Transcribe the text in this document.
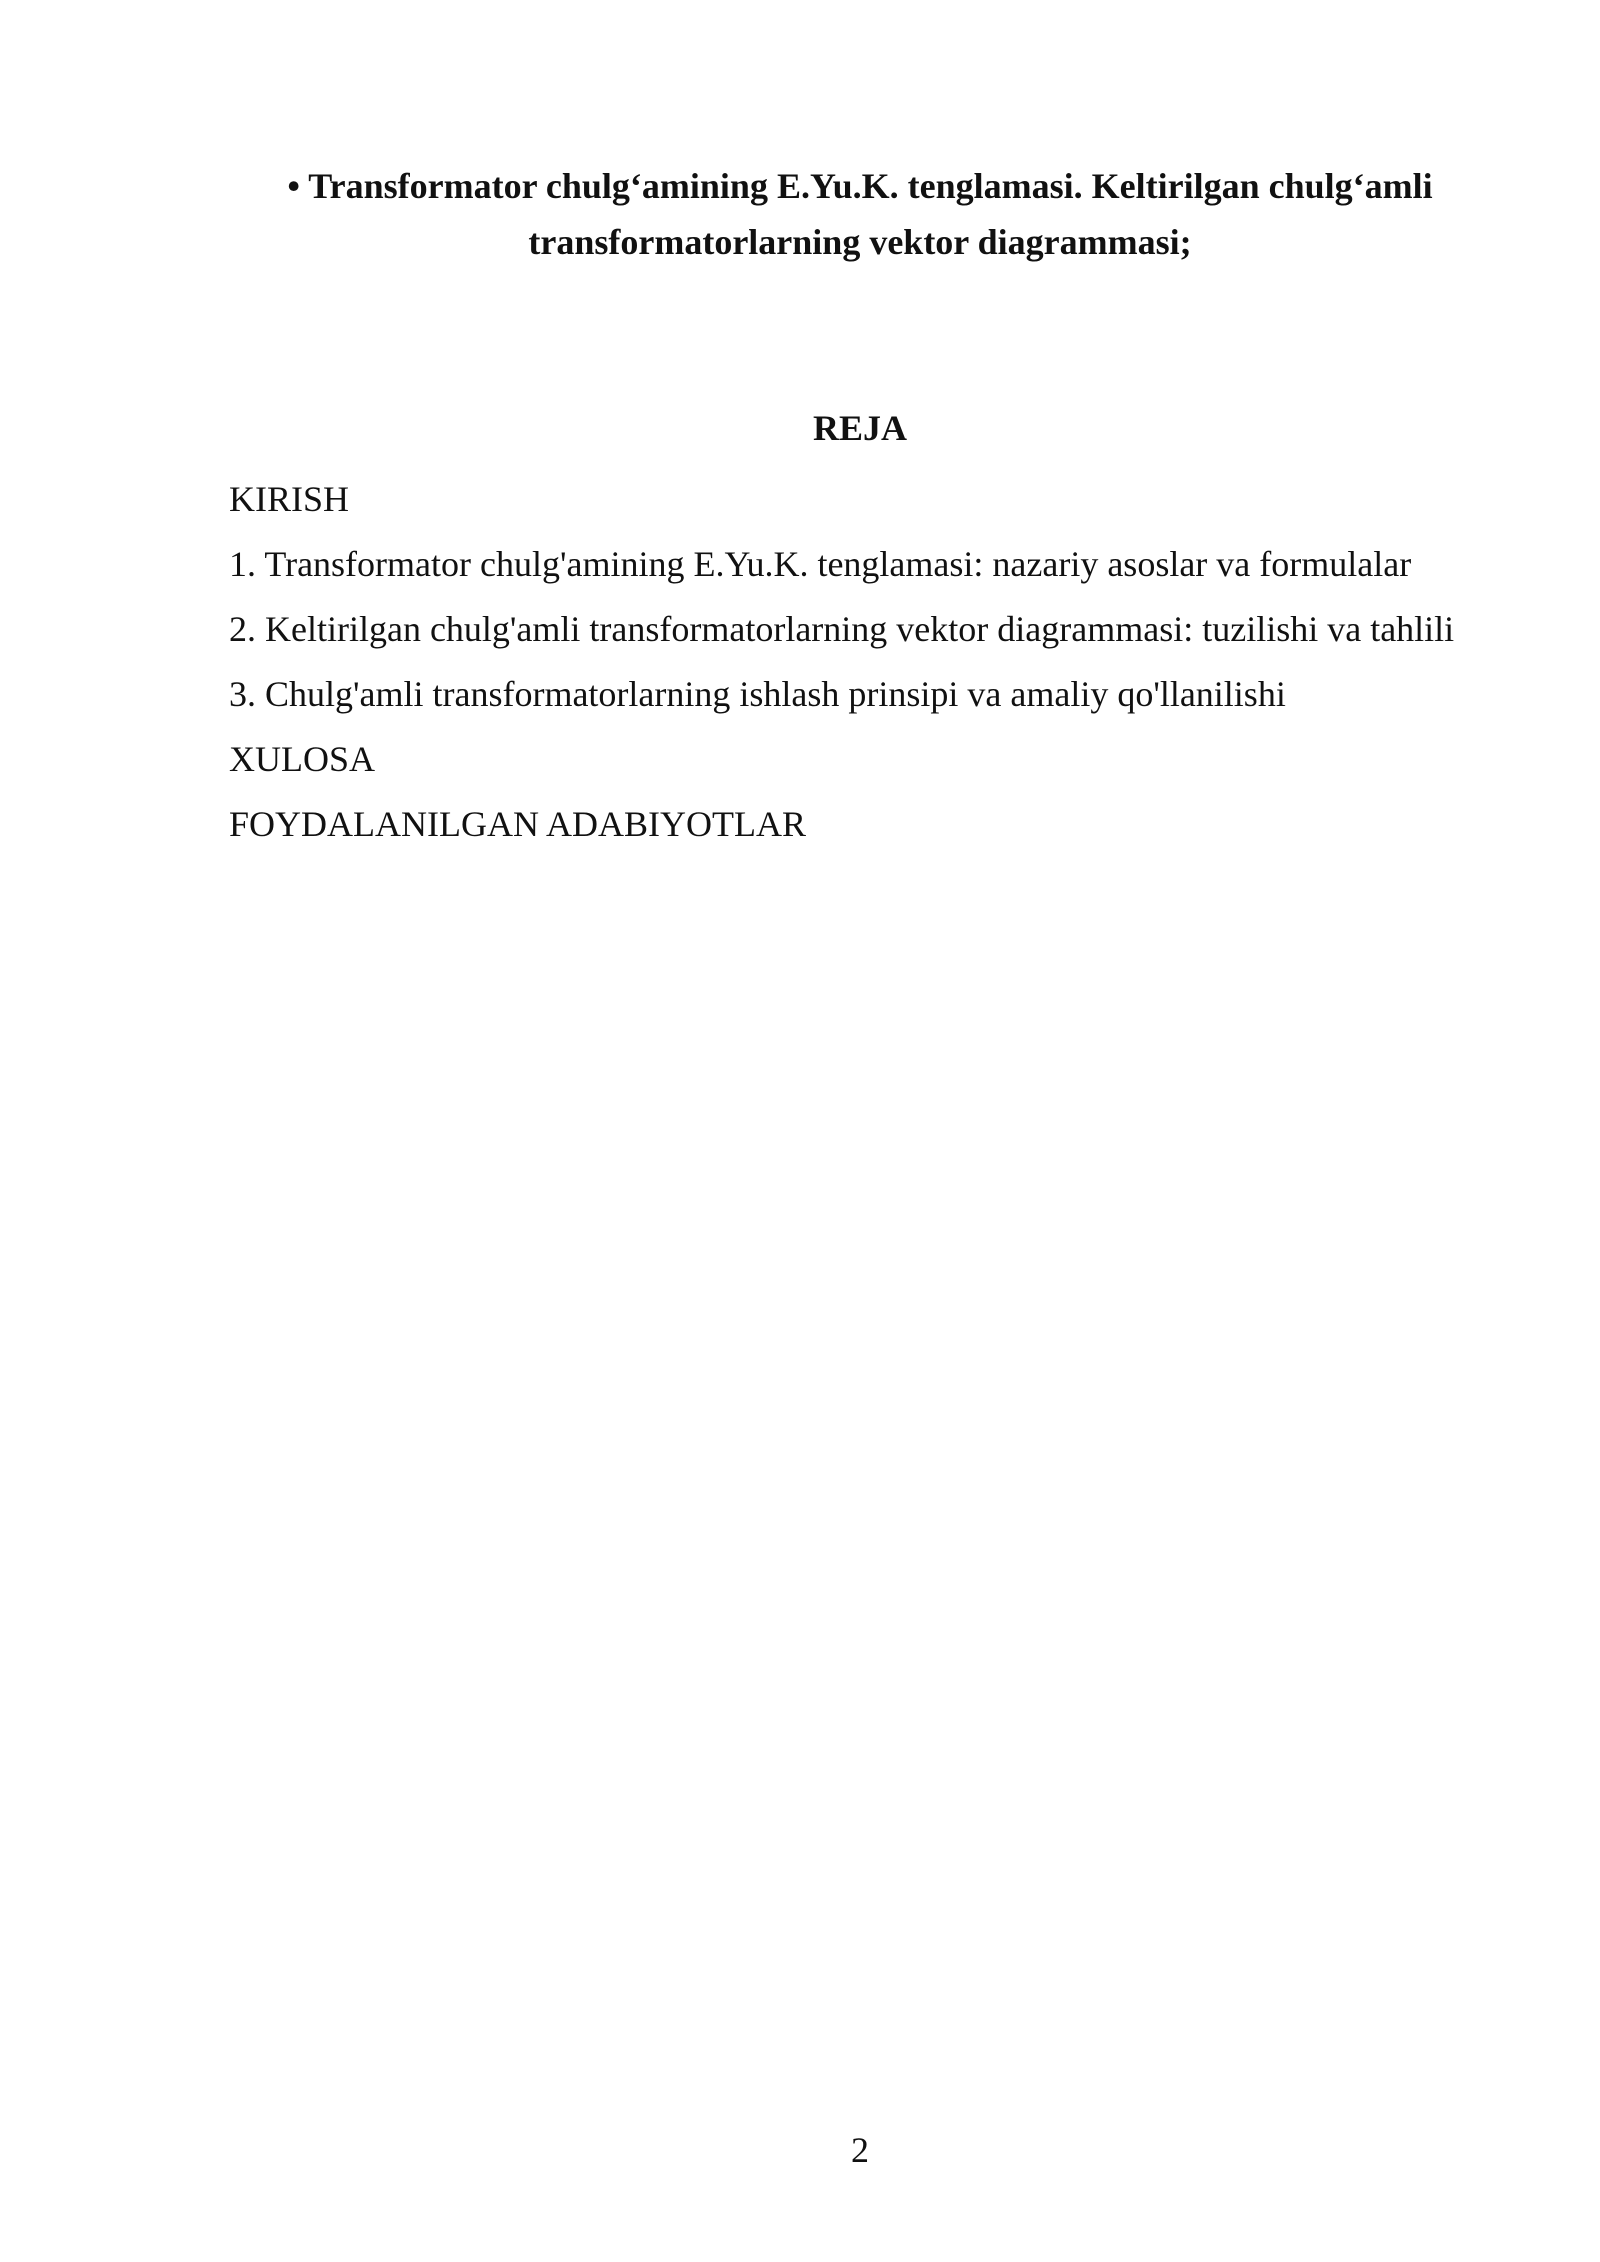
• Transformator chulg‘amining E.Yu.K. tenglamasi. Keltirilgan chulg‘amli transformatorlarning vektor diagrammasi;

REJA

KIRISH
1. Transformator chulg'amining E.Yu.K. tenglamasi: nazariy asoslar va formulalar
2. Keltirilgan chulg'amli transformatorlarning vektor diagrammasi: tuzilishi va tahlili
3. Chulg'amli transformatorlarning ishlash prinsipi va amaliy qo'llanilishi
XULOSA
FOYDALANILGAN ADABIYOTLAR

2
